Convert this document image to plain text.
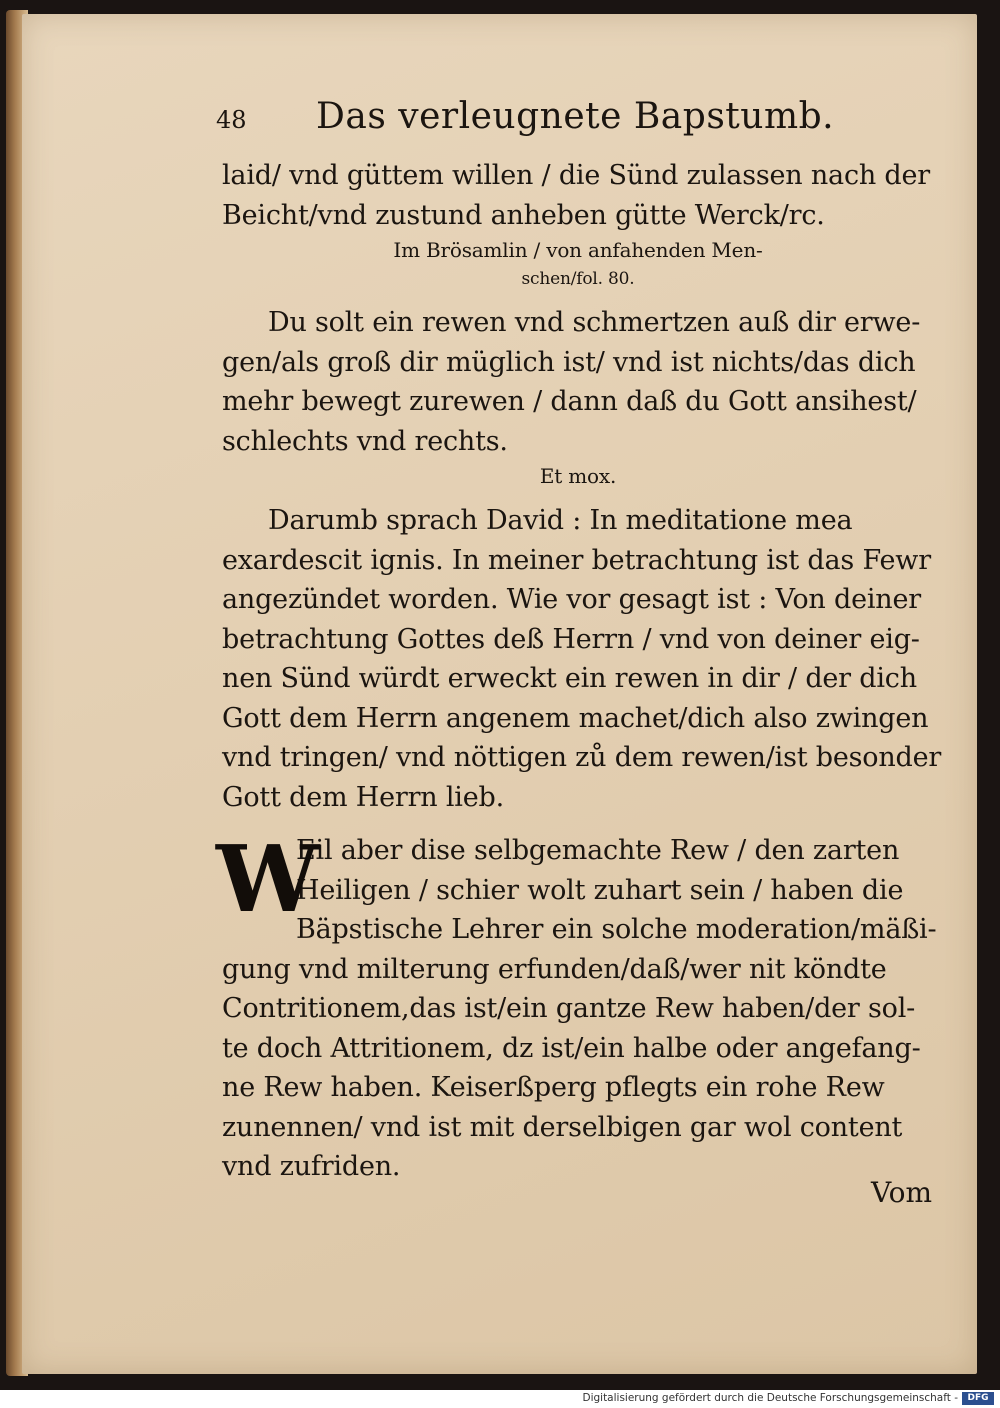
48	Das verleugnete Bapstumb.
laid/ vnd güttem willen / die Sünd zulassen nach der
Beicht/vnd zustund anheben gütte Werck/rc.
Im Brösamlin / von anfahenden Men-
schen/fol. 80.
Du solt ein rewen vnd schmertzen auß dir erwe-
gen/als groß dir müglich ist/ vnd ist nichts/das dich
mehr bewegt zurewen / dann daß du Gott ansihest/
schlechts vnd rechts.
Et mox.
Darumb sprach David : In meditatione mea
exardescit ignis. In meiner betrachtung ist das Fewr
angezündet worden. Wie vor gesagt ist : Von deiner
betrachtung Gottes deß Herrn / vnd von deiner eig-
nen Sünd würdt erweckt ein rewen in dir / der dich
Gott dem Herrn angenem machet/dich also zwingen
vnd tringen/ vnd nöttigen zů dem rewen/ist besonder
Gott dem Herrn lieb.
W
Eil aber dise selbgemachte Rew / den zarten
Heiligen / schier wolt zuhart sein / haben die
Bäpstische Lehrer ein solche moderation/mäßi-
gung vnd milterung erfunden/daß/wer nit köndte
Contritionem,das ist/ein gantze Rew haben/der sol-
te doch Attritionem, dz ist/ein halbe oder angefang-
ne Rew haben. Keiserßperg pflegts ein rohe Rew
zunennen/ vnd ist mit derselbigen gar wol content
vnd zufriden.
Vom
Digitalisierung gefördert durch die Deutsche Forschungsgemeinschaft -	DFG
